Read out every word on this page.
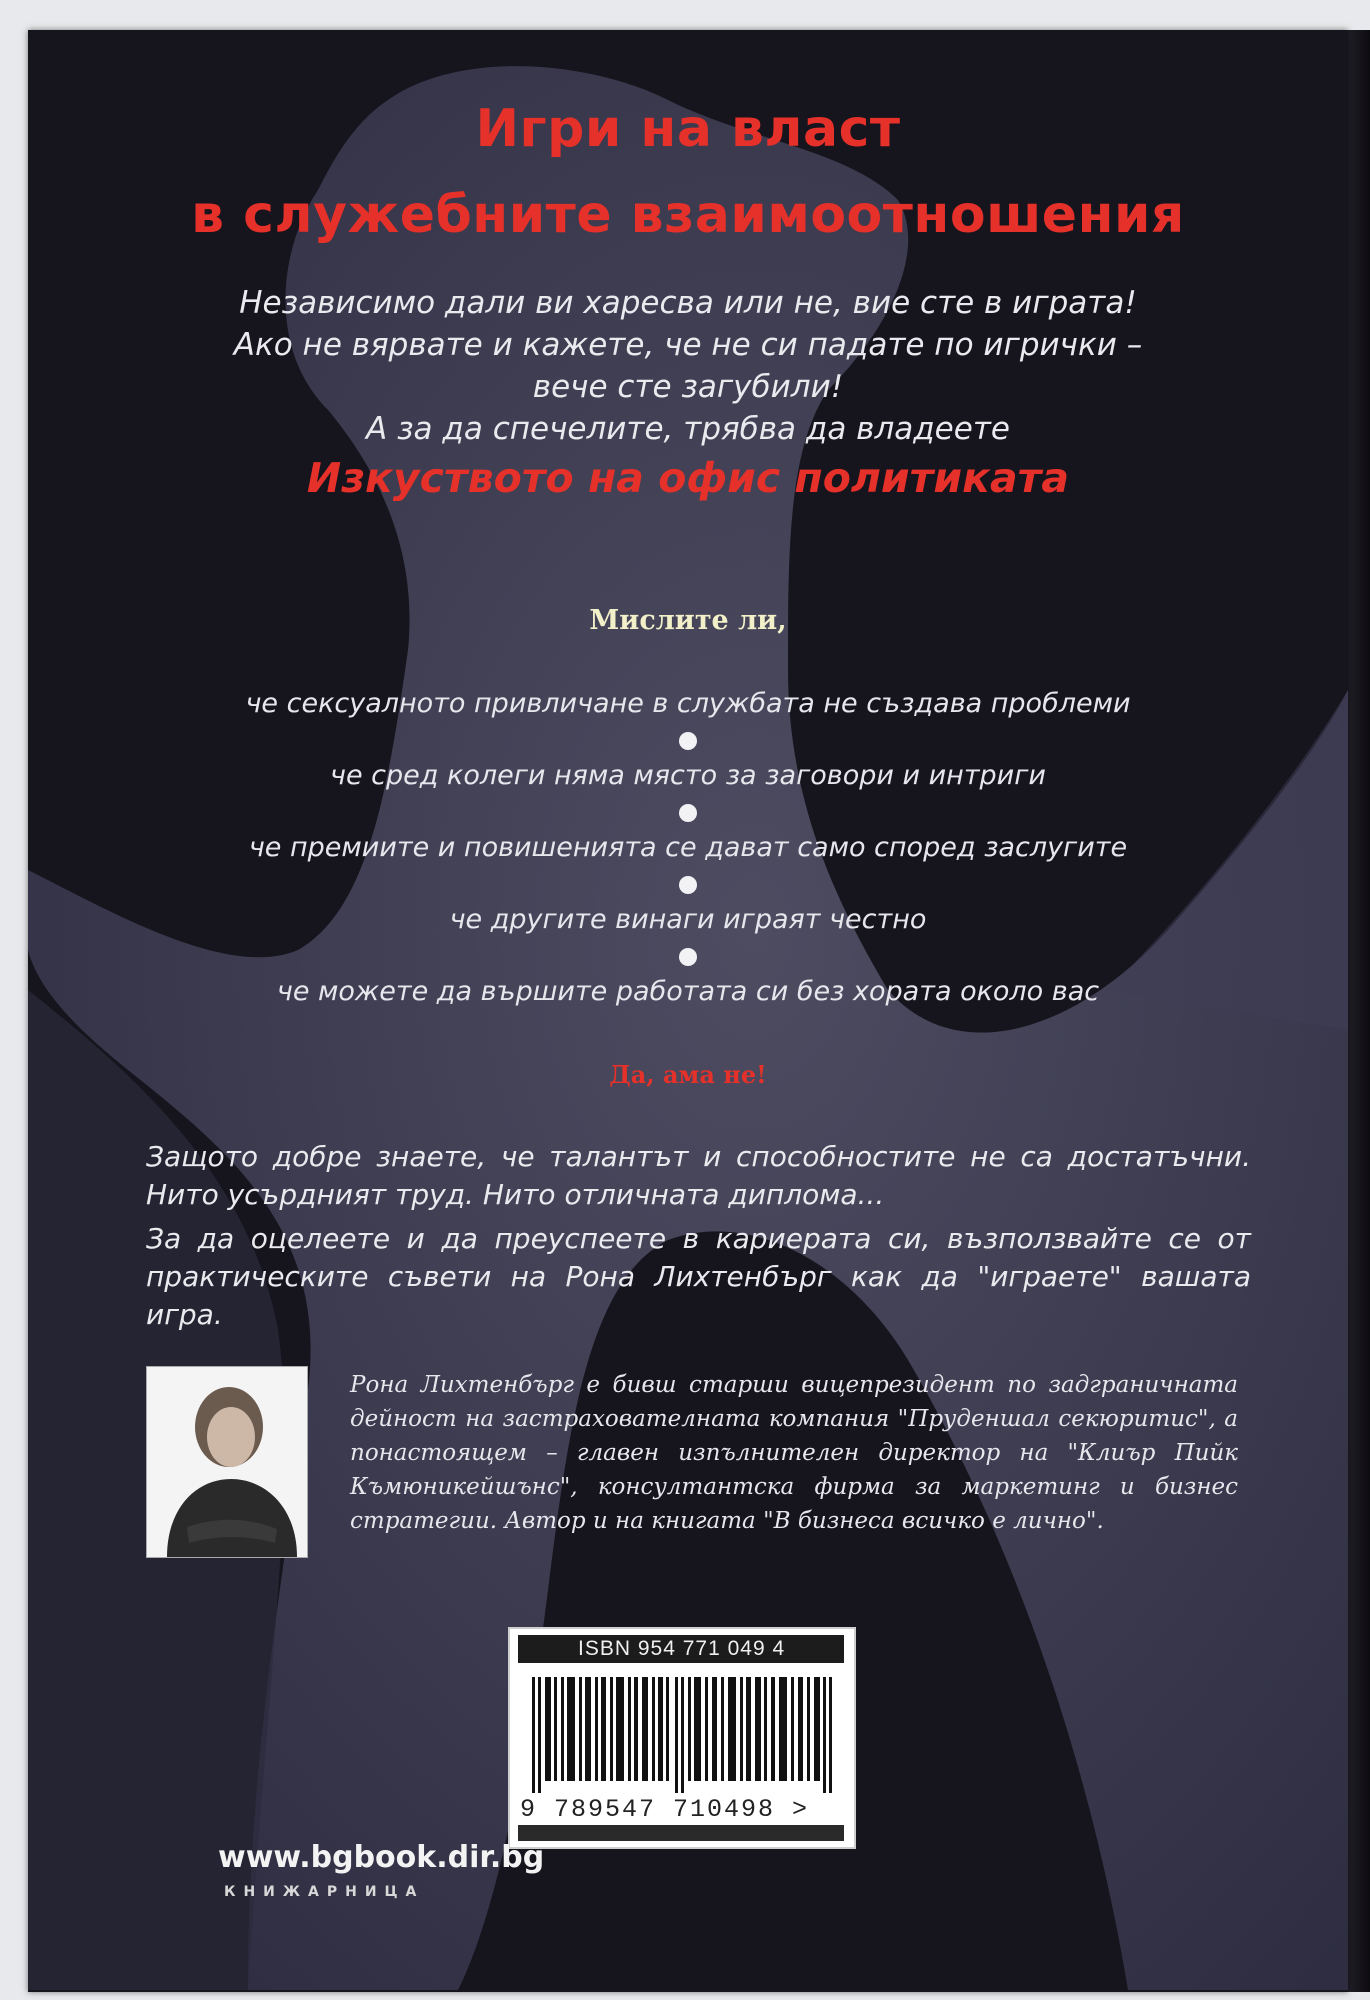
Игри на власт
в служебните взаимоотношения
Независимо дали ви харесва или не, вие сте в играта!
Ако не вярвате и кажете, че не си падате по игрички –
вече сте загубили!
А за да спечелите, трябва да владеете
Изкуството на офис политиката
Мислите ли,
че сексуалното привличане в службата не създава проблеми
че сред колеги няма място за заговори и интриги
че премиите и повишенията се дават само според заслугите
че другите винаги играят честно
че можете да вършите работата си без хората около вас
Да, ама не!
Защото добре знаете, че талантът и способностите не са достатъчни. Нито усърдният труд. Нито отличната диплома...
За да оцелеете и да преуспеете в кариерата си, възползвайте се от практическите съвети на Рона Лихтенбърг как да "играете" вашата игра.
Рона Лихтенбърг е бивш старши вицепрезидент по задграничната дейност на застрахователната компания "Пруденшал секюритис", а понастоящем – главен изпълнителен директор на "Клиър Пийк Къмюникейшънс", консултантска фирма за маркетинг и бизнес стратегии. Автор и на книгата "В бизнеса всичко е лично".
ISBN 954 771 049 4
9 789547 710498 >
www.bgbook.dir.bg
КНИЖАРНИЦА
